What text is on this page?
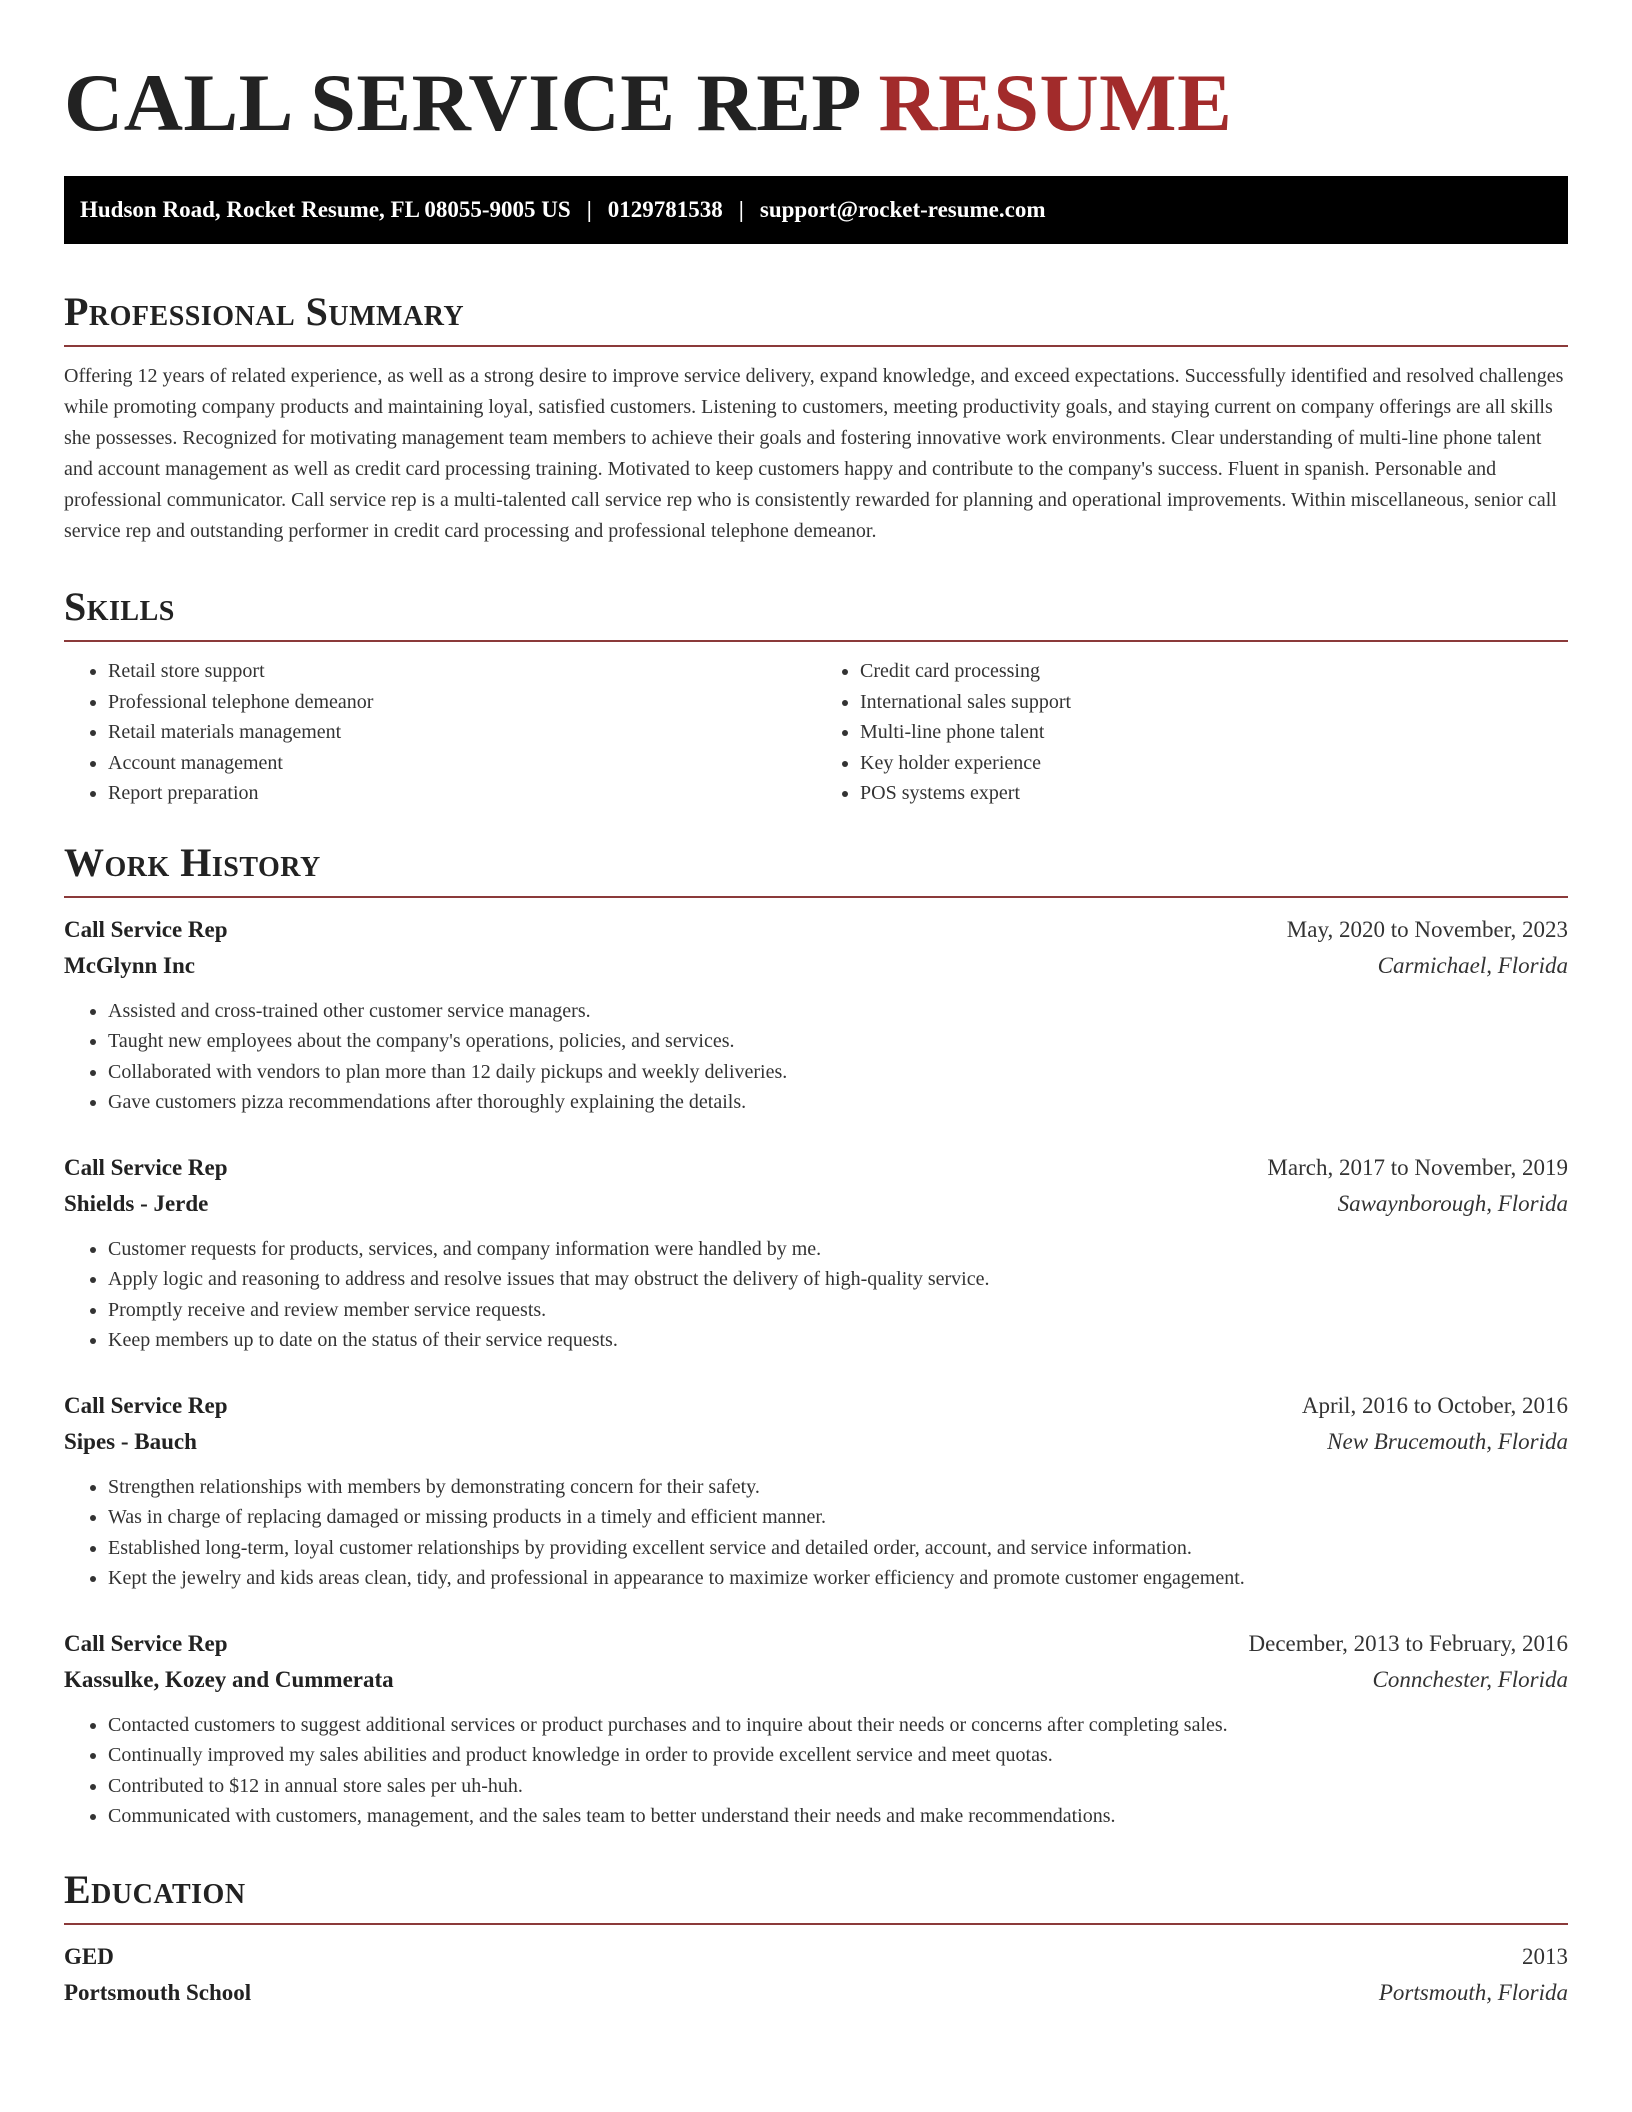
CALL SERVICE REP RESUME
Hudson Road, Rocket Resume, FL 08055-9005 US | 0129781538 | support@rocket-resume.com
Professional Summary

Offering 12 years of related experience, as well as a strong desire to improve service delivery, expand knowledge, and exceed expectations. Successfully identified and resolved challenges while promoting company products and maintaining loyal, satisfied customers. Listening to customers, meeting productivity goals, and staying current on company offerings are all skills she possesses. Recognized for motivating management team members to achieve their goals and fostering innovative work environments. Clear understanding of multi-line phone talent and account management as well as credit card processing training. Motivated to keep customers happy and contribute to the company's success. Fluent in spanish. Personable and professional communicator. Call service rep is a multi-talented call service rep who is consistently rewarded for planning and operational improvements. Within miscellaneous, senior call service rep and outstanding performer in credit card processing and professional telephone demeanor.

Skills
• Retail store support
• Professional telephone demeanor
• Retail materials management
• Account management
• Report preparation
• Credit card processing
• International sales support
• Multi-line phone talent
• Key holder experience
• POS systems expert
Work History
Call Service Rep	May, 2020 to November, 2023
McGlynn Inc	Carmichael, Florida
• Assisted and cross-trained other customer service managers.
• Taught new employees about the company's operations, policies, and services.
• Collaborated with vendors to plan more than 12 daily pickups and weekly deliveries.
• Gave customers pizza recommendations after thoroughly explaining the details.
Call Service Rep	March, 2017 to November, 2019
Shields - Jerde	Sawaynborough, Florida
• Customer requests for products, services, and company information were handled by me.
• Apply logic and reasoning to address and resolve issues that may obstruct the delivery of high-quality service.
• Promptly receive and review member service requests.
• Keep members up to date on the status of their service requests.
Call Service Rep	April, 2016 to October, 2016
Sipes - Bauch	New Brucemouth, Florida
• Strengthen relationships with members by demonstrating concern for their safety.
• Was in charge of replacing damaged or missing products in a timely and efficient manner.
• Established long-term, loyal customer relationships by providing excellent service and detailed order, account, and service information.
• Kept the jewelry and kids areas clean, tidy, and professional in appearance to maximize worker efficiency and promote customer engagement.
Call Service Rep	December, 2013 to February, 2016
Kassulke, Kozey and Cummerata	Connchester, Florida
• Contacted customers to suggest additional services or product purchases and to inquire about their needs or concerns after completing sales.
• Continually improved my sales abilities and product knowledge in order to provide excellent service and meet quotas.
• Contributed to $12 in annual store sales per uh-huh.
• Communicated with customers, management, and the sales team to better understand their needs and make recommendations.
Education
GED	2013
Portsmouth School	Portsmouth, Florida
